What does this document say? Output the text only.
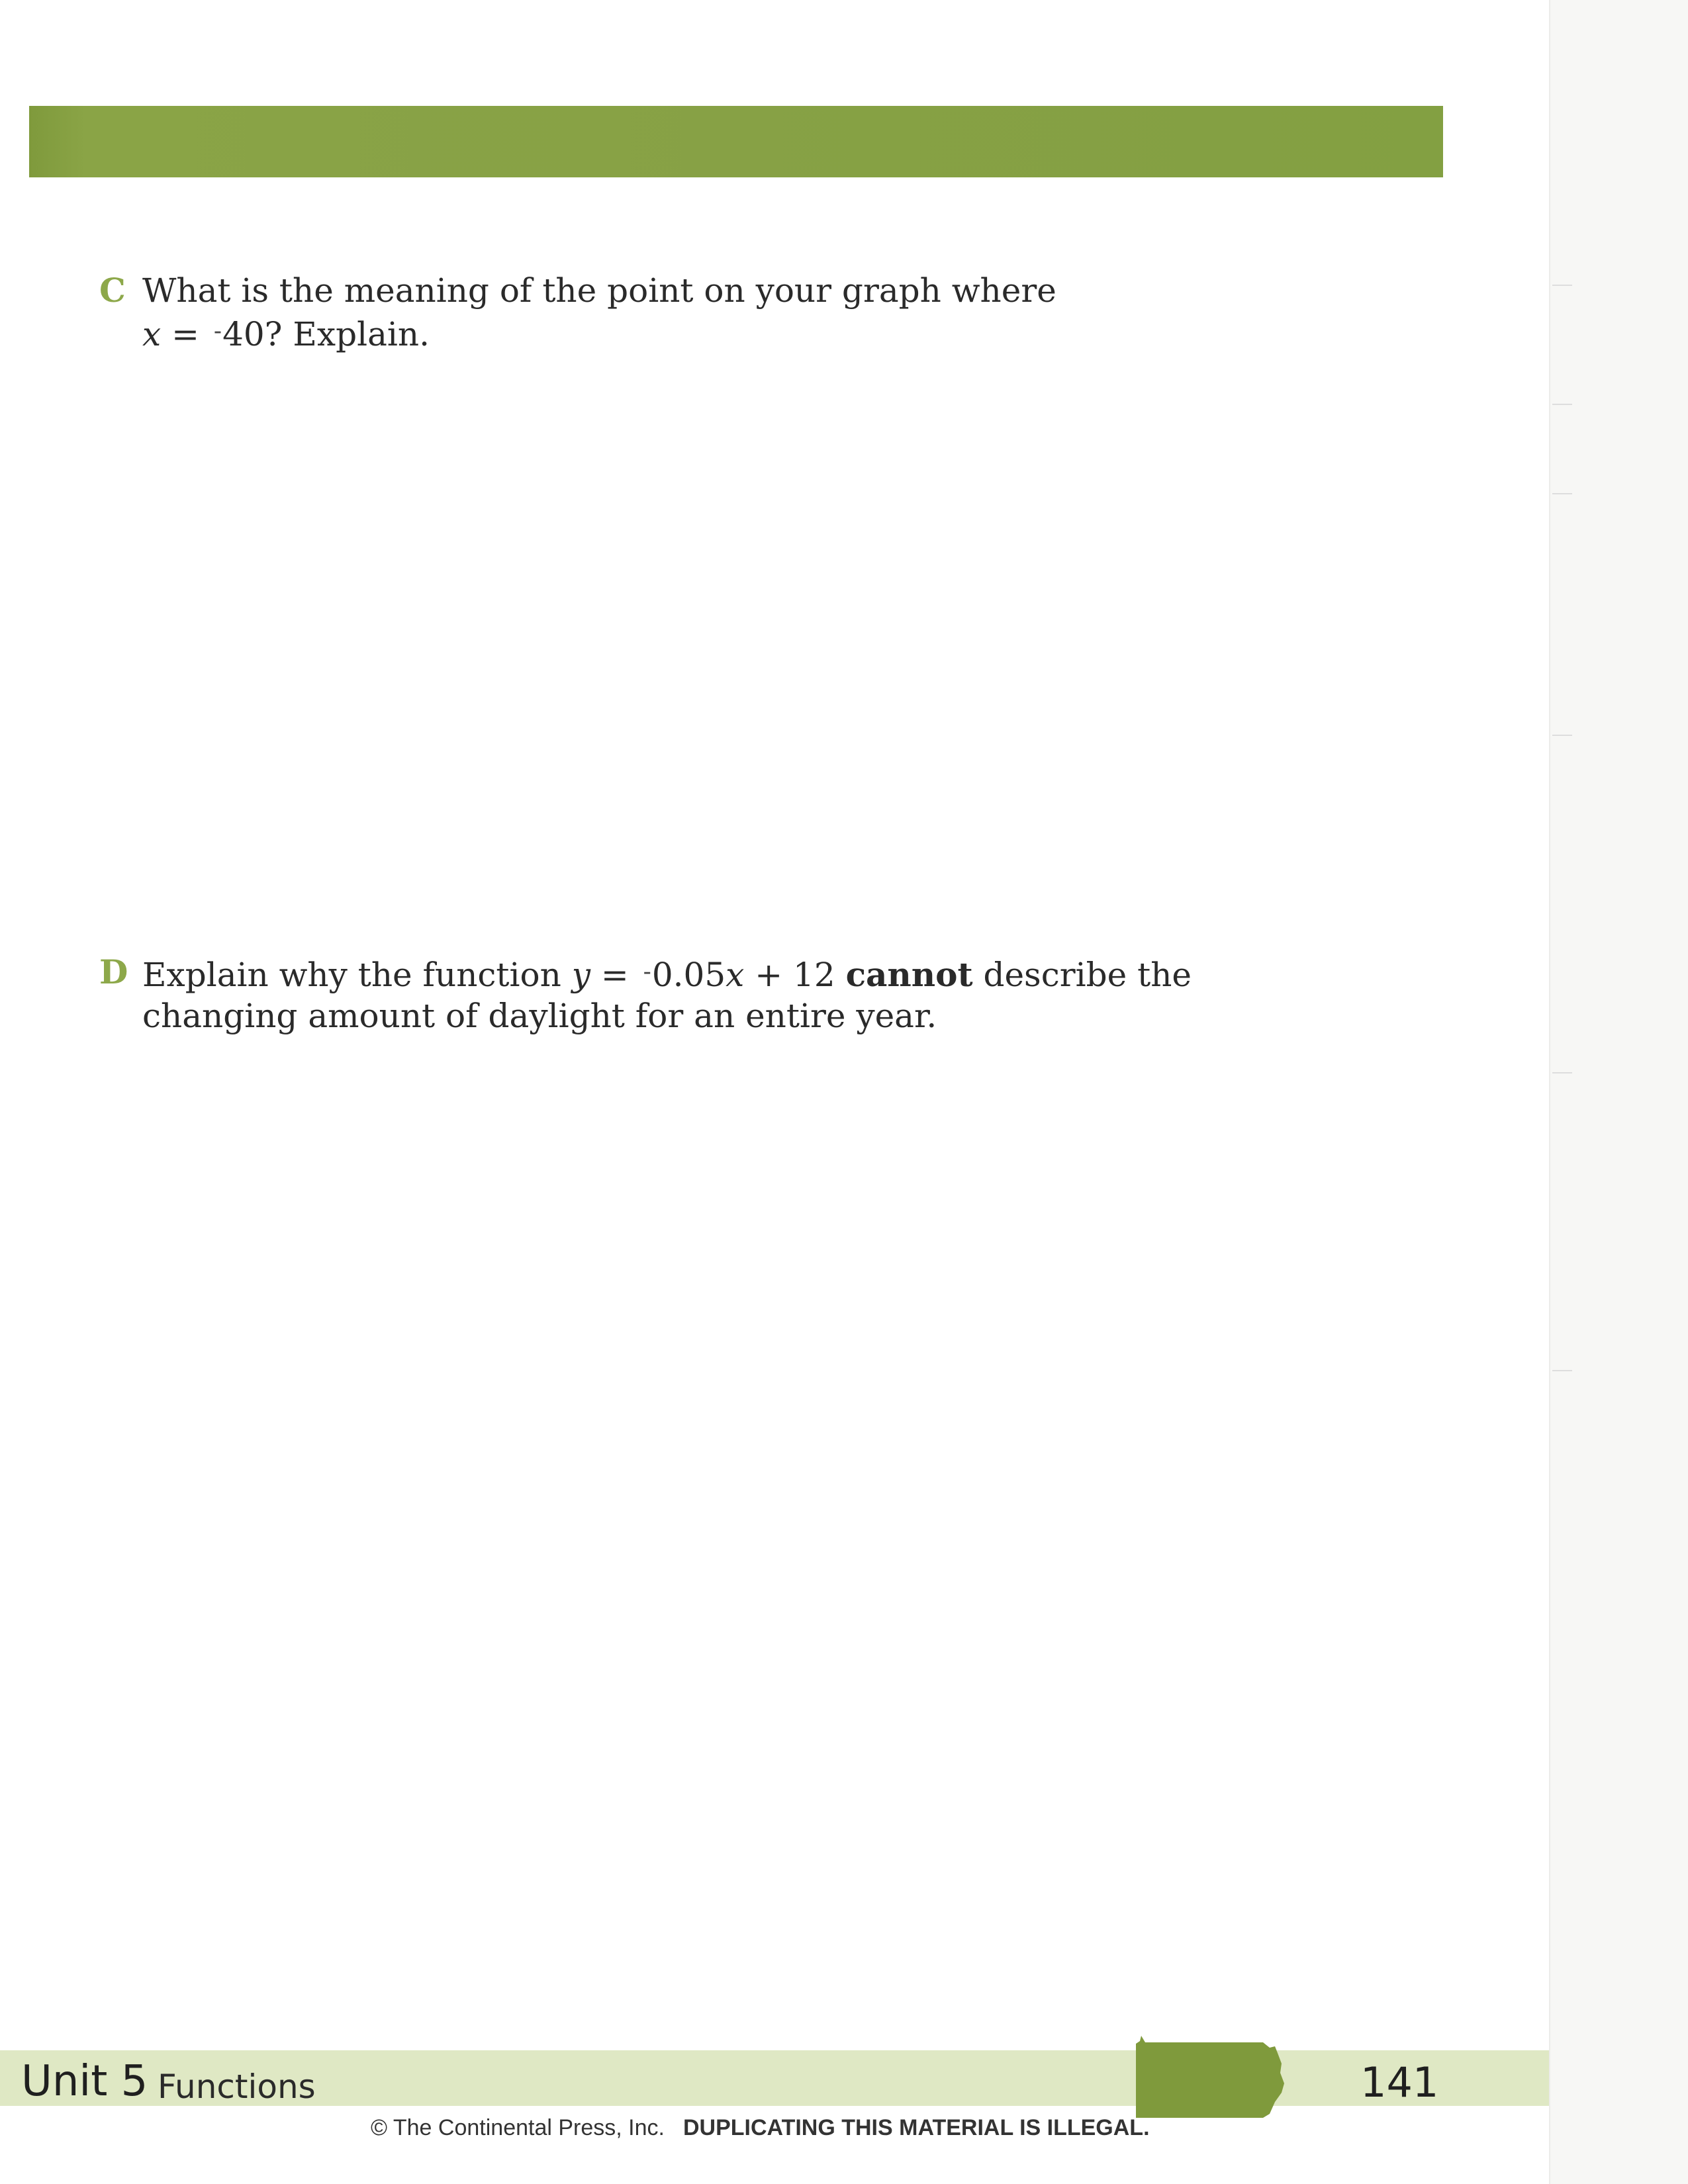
C What is the meaning of the point on your graph where
x = -40? Explain.
D Explain why the function y = -0.05x + 12 cannot describe the
changing amount of daylight for an entire year.
Unit 5 Functions	141
© The Continental Press, Inc. DUPLICATING THIS MATERIAL IS ILLEGAL.
